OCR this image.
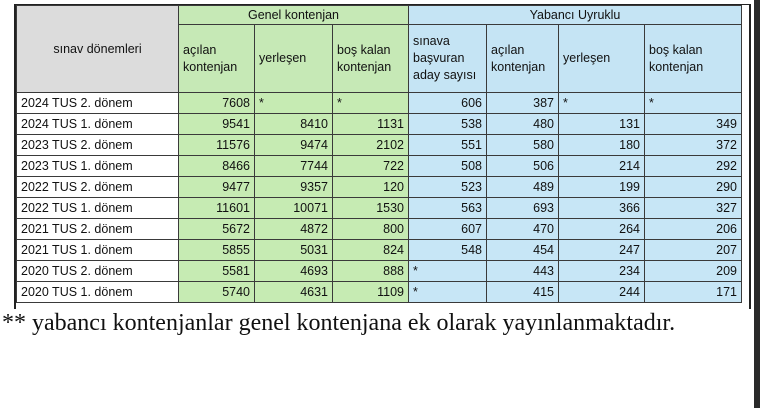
sınav dönemleri	Genel kontenjan			Yabancı Uyruklu			
	açılan kontenjan	yerleşen	boş kalan kontenjan	sınava başvuran aday sayısı	açılan kontenjan	yerleşen	boş kalan kontenjan
2024 TUS 2. dönem	7608	*	*	606	387	*	*
2024 TUS 1. dönem	9541	8410	1131	538	480	131	349
2023 TUS 2. dönem	11576	9474	2102	551	580	180	372
2023 TUS 1. dönem	8466	7744	722	508	506	214	292
2022 TUS 2. dönem	9477	9357	120	523	489	199	290
2022 TUS 1. dönem	11601	10071	1530	563	693	366	327
2021 TUS 2. dönem	5672	4872	800	607	470	264	206
2021 TUS 1. dönem	5855	5031	824	548	454	247	207
2020 TUS 2. dönem	5581	4693	888	*	443	234	209
2020 TUS 1. dönem	5740	4631	1109	*	415	244	171
** yabancı kontenjanlar genel kontenjana ek olarak yayınlanmaktadır.
